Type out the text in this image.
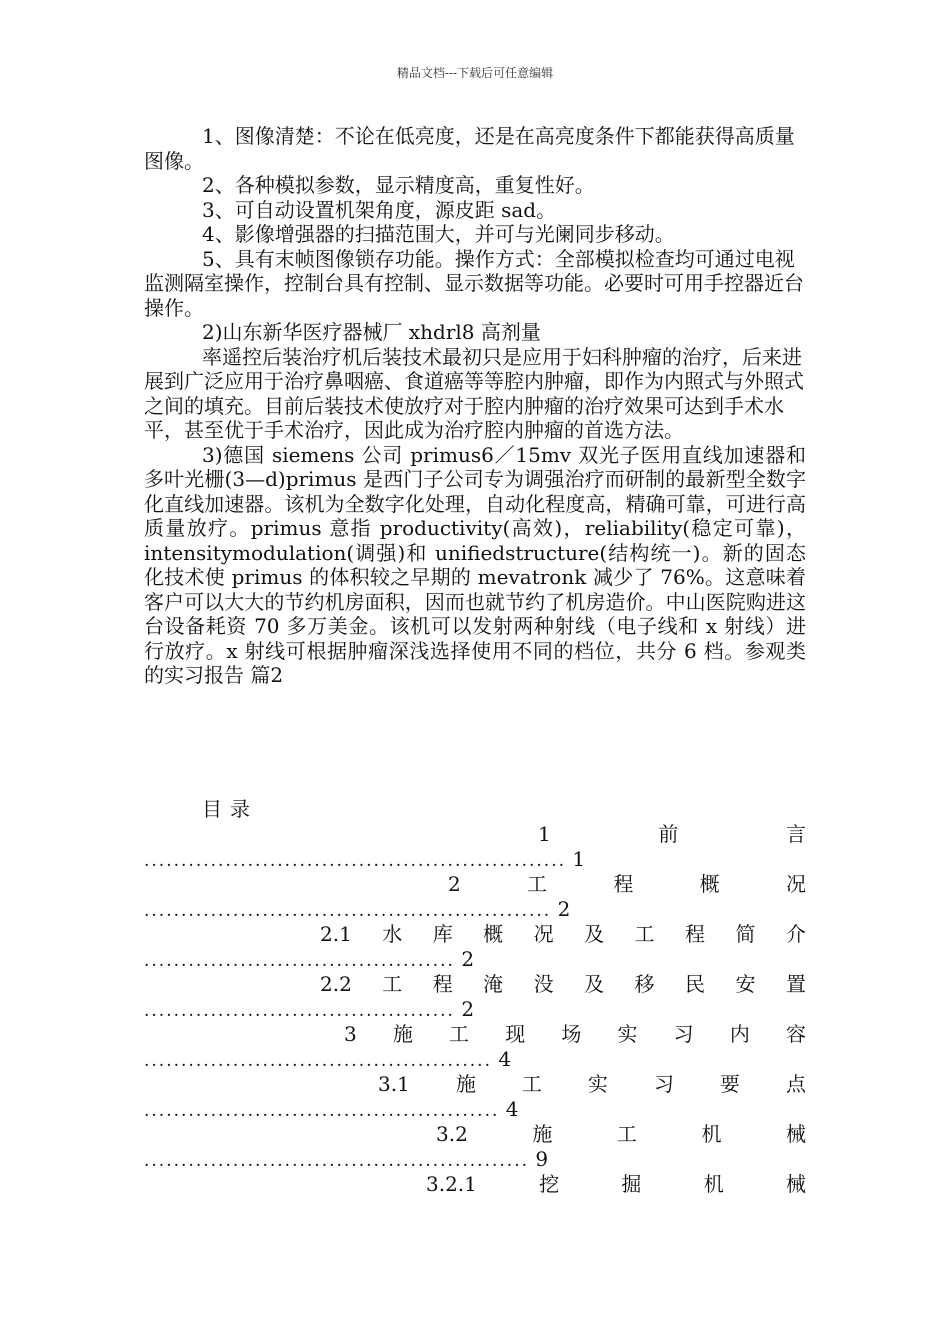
精品文档---下载后可任意编辑

1、图像清楚：不论在低亮度，还是在高亮度条件下都能获得高质量图像。

2、各种模拟参数，显示精度高，重复性好。

3、可自动设置机架角度，源皮距 sad。

4、影像增强器的扫描范围大，并可与光阑同步移动。

5、具有末帧图像锁存功能。操作方式：全部模拟检查均可通过电视监测隔室操作，控制台具有控制、显示数据等功能。必要时可用手控器近台操作。

2)山东新华医疗器械厂 xhdrl8 高剂量

率遥控后装治疗机后装技术最初只是应用于妇科肿瘤的治疗，后来进展到广泛应用于治疗鼻咽癌、食道癌等等腔内肿瘤，即作为内照式与外照式之间的填充。目前后装技术使放疗对于腔内肿瘤的治疗效果可达到手术水平，甚至优于手术治疗，因此成为治疗腔内肿瘤的首选方法。

3)德国 siemens 公司 primus6／15mv 双光子医用直线加速器和多叶光栅(3—d)primus 是西门子公司专为调强治疗而研制的最新型全数字化直线加速器。该机为全数字化处理，自动化程度高，精确可靠，可进行高质量放疗。primus 意指 productivity(高效)，reliability(稳定可靠)，intensitymodulation(调强)和 unifiedstructure(结构统一)。新的固态化技术使 primus 的体积较之早期的 mevatronk 减少了 76%。这意味着客户可以大大的节约机房面积，因而也就节约了机房造价。中山医院购进这台设备耗资 70 多万美金。该机可以发射两种射线（电子线和 x 射线）进行放疗。x 射线可根据肿瘤深浅选择使用不同的档位，共分 6 档。参观类的实习报告 篇2

目录
1	前	言
......................................................... 1
2	工	程	概	况
....................................................... 2
2.1 水 库 概 况 及 工 程 简 介
.......................................... 2
2.2 工 程 淹 没 及 移 民 安 置
.......................................... 2
3 施 工 现 场 实 习 内 容
............................................... 4
3.1 施 工 实 习 要 点
................................................ 4
3.2	施	工	机	械
.................................................... 9
3.2.1	挖	掘	机	械
